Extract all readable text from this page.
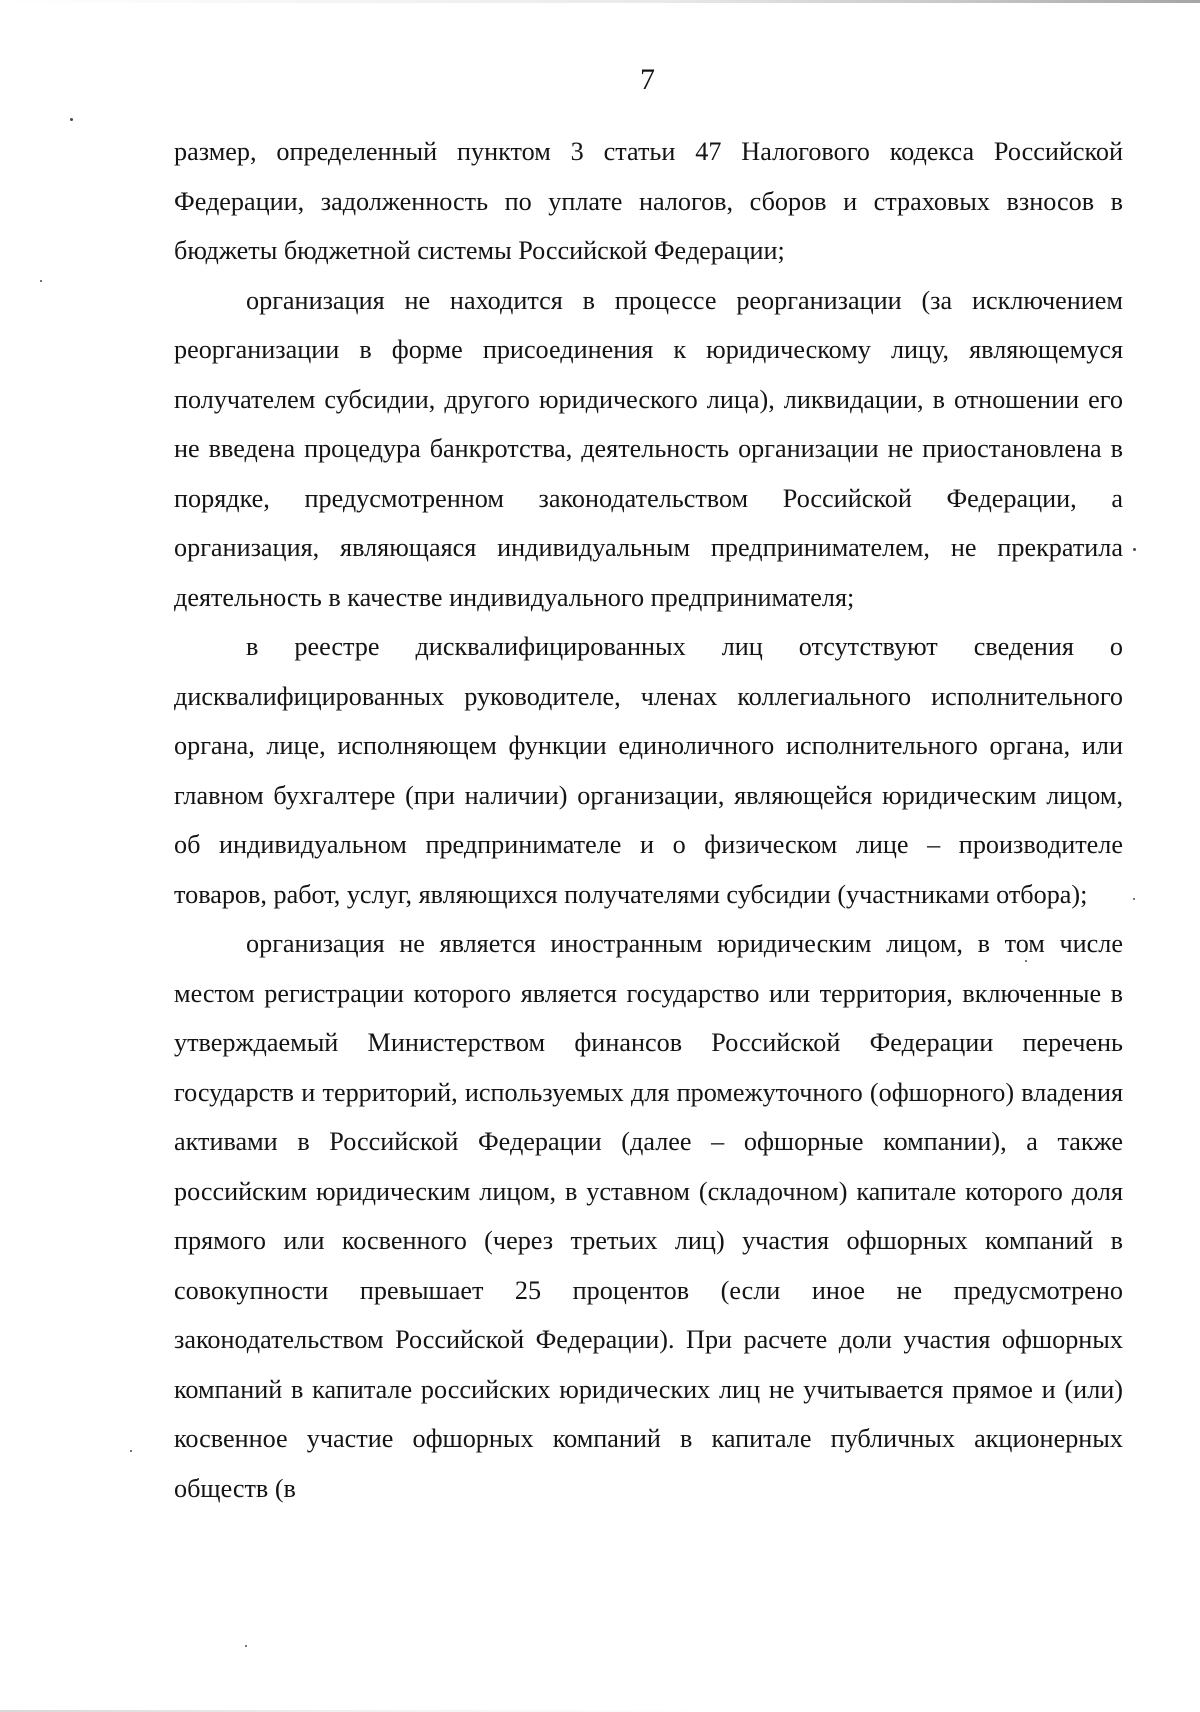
7

размер, определенный пунктом 3 статьи 47 Налогового кодекса Российской Федерации, задолженность по уплате налогов, сборов и страховых взносов в бюджеты бюджетной системы Российской Федерации;

организация не находится в процессе реорганизации (за исключением реорганизации в форме присоединения к юридическому лицу, являющемуся получателем субсидии, другого юридического лица), ликвидации, в отношении его не введена процедура банкротства, деятельность организации не приостановлена в порядке, предусмотренном законодательством Российской Федерации, а организация, являющаяся индивидуальным предпринимателем, не прекратила деятельность в качестве индивидуального предпринимателя;

в реестре дисквалифицированных лиц отсутствуют сведения о дисквалифицированных руководителе, членах коллегиального исполнительного органа, лице, исполняющем функции единоличного исполнительного органа, или главном бухгалтере (при наличии) организации, являющейся юридическим лицом, об индивидуальном предпринимателе и о физическом лице – производителе товаров, работ, услуг, являющихся получателями субсидии (участниками отбора);

организация не является иностранным юридическим лицом, в том числе местом регистрации которого является государство или территория, включенные в утверждаемый Министерством финансов Российской Федерации перечень государств и территорий, используемых для промежуточного (офшорного) владения активами в Российской Федерации (далее – офшорные компании), а также российским юридическим лицом, в уставном (складочном) капитале которого доля прямого или косвенного (через третьих лиц) участия офшорных компаний в совокупности превышает 25 процентов (если иное не предусмотрено законодательством Российской Федерации). При расчете доли участия офшорных компаний в капитале российских юридических лиц не учитывается прямое и (или) косвенное участие офшорных компаний в капитале публичных акционерных обществ (в
